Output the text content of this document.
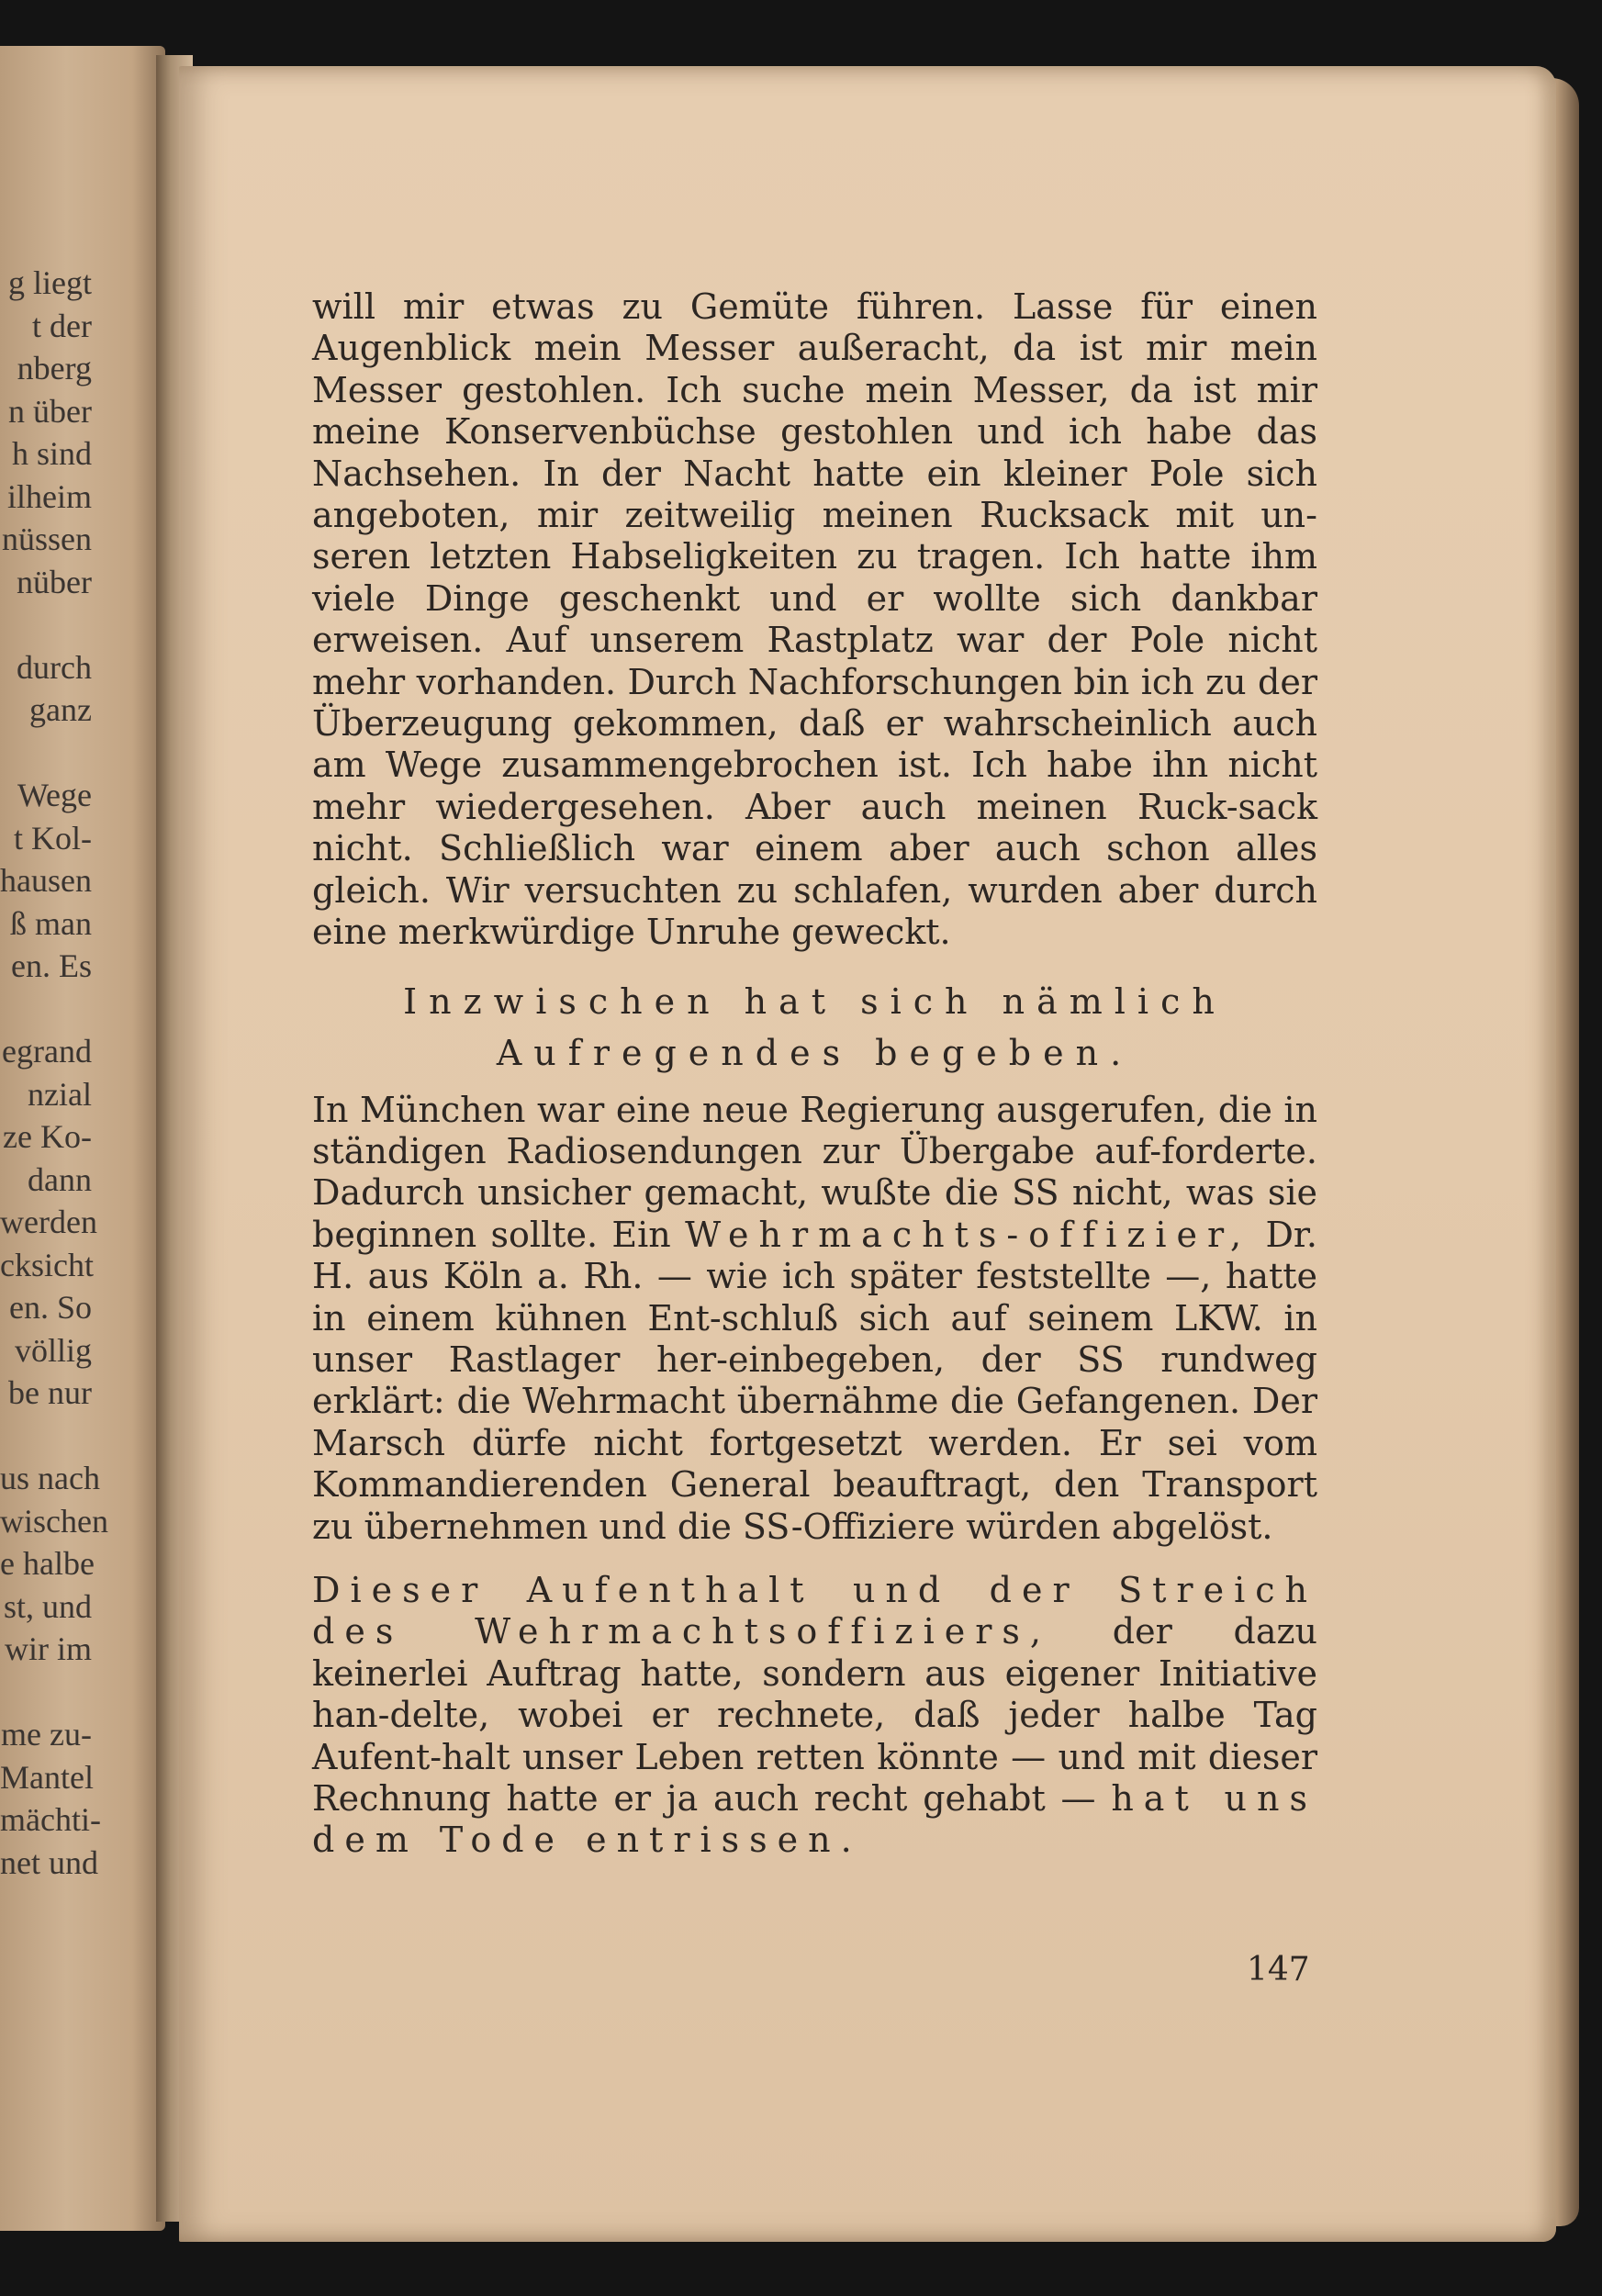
g liegt
t der
nberg
n über
h sind
ilheim
nüssen
nüber
durch
ganz
Wege
t Kol-
hausen
ß man
en. Es
egrand
nzial
ze Ko-
dann
werden
cksicht
en. So
völlig
be nur
us nach
wischen
e halbe
st, und
wir im
me zu-
Mantel
mächti-
net und

will mir etwas zu Gemüte führen. Lasse für einen Augenblick mein Messer außeracht, da ist mir mein Messer gestohlen. Ich suche mein Messer, da ist mir meine Konservenbüchse gestohlen und ich habe das Nachsehen. In der Nacht hatte ein kleiner Pole sich angeboten, mir zeitweilig meinen Rucksack mit un-seren letzten Habseligkeiten zu tragen. Ich hatte ihm viele Dinge geschenkt und er wollte sich dankbar erweisen. Auf unserem Rastplatz war der Pole nicht mehr vorhanden. Durch Nachforschungen bin ich zu der Überzeugung gekommen, daß er wahrscheinlich auch am Wege zusammengebrochen ist. Ich habe ihn nicht mehr wiedergesehen. Aber auch meinen Ruck-sack nicht. Schließlich war einem aber auch schon alles gleich. Wir versuchten zu schlafen, wurden aber durch eine merkwürdige Unruhe geweckt.

Inzwischen hat sich nämlich
Aufregendes begeben.

In München war eine neue Regierung ausgerufen, die in ständigen Radiosendungen zur Übergabe auf-forderte. Dadurch unsicher gemacht, wußte die SS nicht, was sie beginnen sollte. Ein Wehrmachts-offizier, Dr. H. aus Köln a. Rh. — wie ich später feststellte —, hatte in einem kühnen Ent-schluß sich auf seinem LKW. in unser Rastlager her-einbegeben, der SS rundweg erklärt: die Wehrmacht übernähme die Gefangenen. Der Marsch dürfe nicht fortgesetzt werden. Er sei vom Kommandierenden General beauftragt, den Transport zu übernehmen und die SS-Offiziere würden abgelöst.

Dieser Aufenthalt und der Streich des Wehrmachtsoffiziers, der dazu keinerlei Auftrag hatte, sondern aus eigener Initiative han-delte, wobei er rechnete, daß jeder halbe Tag Aufent-halt unser Leben retten könnte — und mit dieser Rechnung hatte er ja auch recht gehabt — hat uns dem Tode entrissen.

147
